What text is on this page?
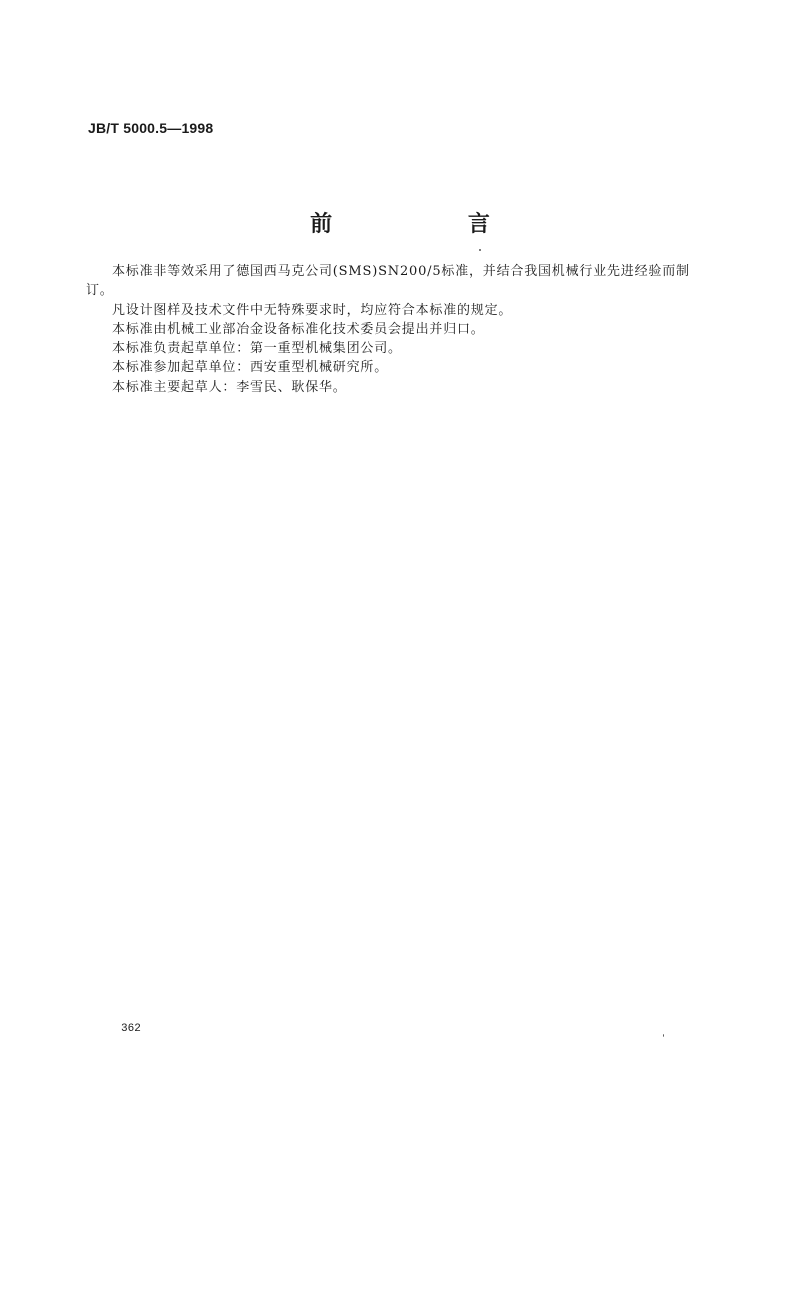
JB/T 5000.5—1998
前 言

本标准非等效采用了德国西马克公司(SMS)SN200/5标准，并结合我国机械行业先进经验而制订。

凡设计图样及技术文件中无特殊要求时，均应符合本标准的规定。

本标准由机械工业部冶金设备标准化技术委员会提出并归口。

本标准负责起草单位：第一重型机械集团公司。

本标准参加起草单位：西安重型机械研究所。

本标准主要起草人：李雪民、耿保华。

362
